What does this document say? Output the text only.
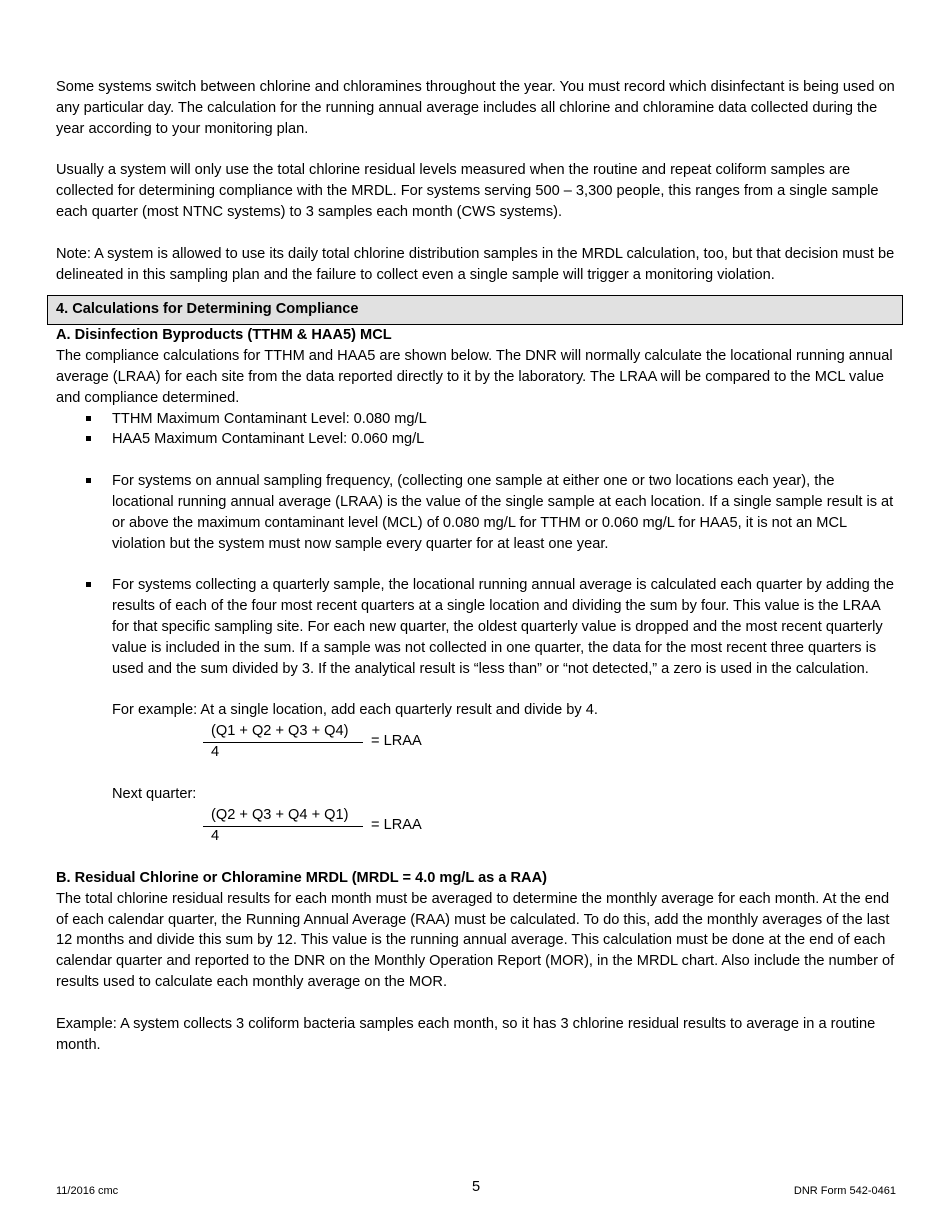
Some systems switch between chlorine and chloramines throughout the year. You must record which disinfectant is being used on any particular day. The calculation for the running annual average includes all chlorine and chloramine data collected during the year according to your monitoring plan.

Usually a system will only use the total chlorine residual levels measured when the routine and repeat coliform samples are collected for determining compliance with the MRDL. For systems serving 500 – 3,300 people, this ranges from a single sample each quarter (most NTNC systems) to 3 samples each month (CWS systems).

Note: A system is allowed to use its daily total chlorine distribution samples in the MRDL calculation, too, but that decision must be delineated in this sampling plan and the failure to collect even a single sample will trigger a monitoring violation.

4. Calculations for Determining Compliance

A. Disinfection Byproducts (TTHM & HAA5) MCL

The compliance calculations for TTHM and HAA5 are shown below. The DNR will normally calculate the locational running annual average (LRAA) for each site from the data reported directly to it by the laboratory. The LRAA will be compared to the MCL value and compliance determined.

TTHM Maximum Contaminant Level: 0.080 mg/L
HAA5 Maximum Contaminant Level: 0.060 mg/L
For systems on annual sampling frequency, (collecting one sample at either one or two locations each year), the locational running annual average (LRAA) is the value of the single sample at each location. If a single sample result is at or above the maximum contaminant level (MCL) of 0.080 mg/L for TTHM or 0.060 mg/L for HAA5, it is not an MCL violation but the system must now sample every quarter for at least one year.
For systems collecting a quarterly sample, the locational running annual average is calculated each quarter by adding the results of each of the four most recent quarters at a single location and dividing the sum by four. This value is the LRAA for that specific sampling site. For each new quarter, the oldest quarterly value is dropped and the most recent quarterly value is included in the sum. If a sample was not collected in one quarter, the data for the most recent three quarters is used and the sum divided by 3. If the analytical result is “less than” or “not detected,” a zero is used in the calculation.

For example: At a single location, add each quarterly result and divide by 4.

(Q1 + Q2 + Q3 + Q4)
4
= LRAA

Next quarter:

(Q2 + Q3 + Q4 + Q1)
4
= LRAA

B. Residual Chlorine or Chloramine MRDL (MRDL = 4.0 mg/L as a RAA)

The total chlorine residual results for each month must be averaged to determine the monthly average for each month. At the end of each calendar quarter, the Running Annual Average (RAA) must be calculated. To do this, add the monthly averages of the last 12 months and divide this sum by 12. This value is the running annual average. This calculation must be done at the end of each calendar quarter and reported to the DNR on the Monthly Operation Report (MOR), in the MRDL chart. Also include the number of results used to calculate each monthly average on the MOR.

Example: A system collects 3 coliform bacteria samples each month, so it has 3 chlorine residual results to average in a routine month.

11/2016 cmc	5	DNR Form 542-0461
